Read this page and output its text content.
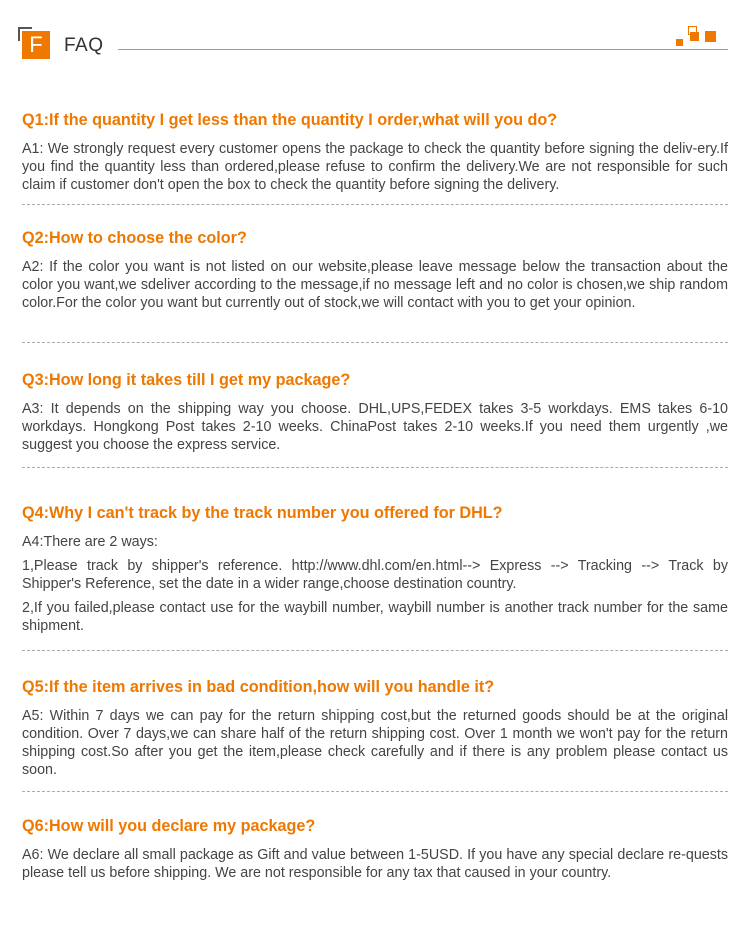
F	FAQ
Q1:If the quantity I get less than the quantity I order,what will you do?

A1: We strongly request every customer opens the package to check the quantity before signing the deliv-ery.If you find the quantity less than ordered,please refuse to confirm the delivery.We are not responsible for such claim if customer don't open the box to check the quantity before signing the delivery.

Q2:How to choose the color?

A2: If the color you want is not listed on our website,please leave message below the transaction about the color you want,we sdeliver according to the message,if no message left and no color is chosen,we ship random color.For the color you want but currently out of stock,we will contact with you to get your opinion.

Q3:How long it takes till I get my package?

A3: It depends on the shipping way you choose. DHL,UPS,FEDEX takes 3-5 workdays. EMS takes 6-10 workdays. Hongkong Post takes 2-10 weeks. ChinaPost takes 2-10 weeks.If you need them urgently ,we suggest you choose the express service.

Q4:Why I can't track by the track number you offered for DHL?

A4:There are 2 ways:

1,Please track by shipper's reference. http://www.dhl.com/en.html--> Express --> Tracking --> Track by Shipper's Reference, set the date in a wider range,choose destination country.

2,If you failed,please contact use for the waybill number, waybill number is another track number for the same shipment.

Q5:If the item arrives in bad condition,how will you handle it?

A5: Within 7 days we can pay for the return shipping cost,but the returned goods should be at the original condition. Over 7 days,we can share half of the return shipping cost. Over 1 month we won't pay for the return shipping cost.So after you get the item,please check carefully and if there is any problem please contact us soon.

Q6:How will you declare my package?

A6: We declare all small package as Gift and value between 1-5USD. If you have any special declare re-quests please tell us before shipping. We are not responsible for any tax that caused in your country.
